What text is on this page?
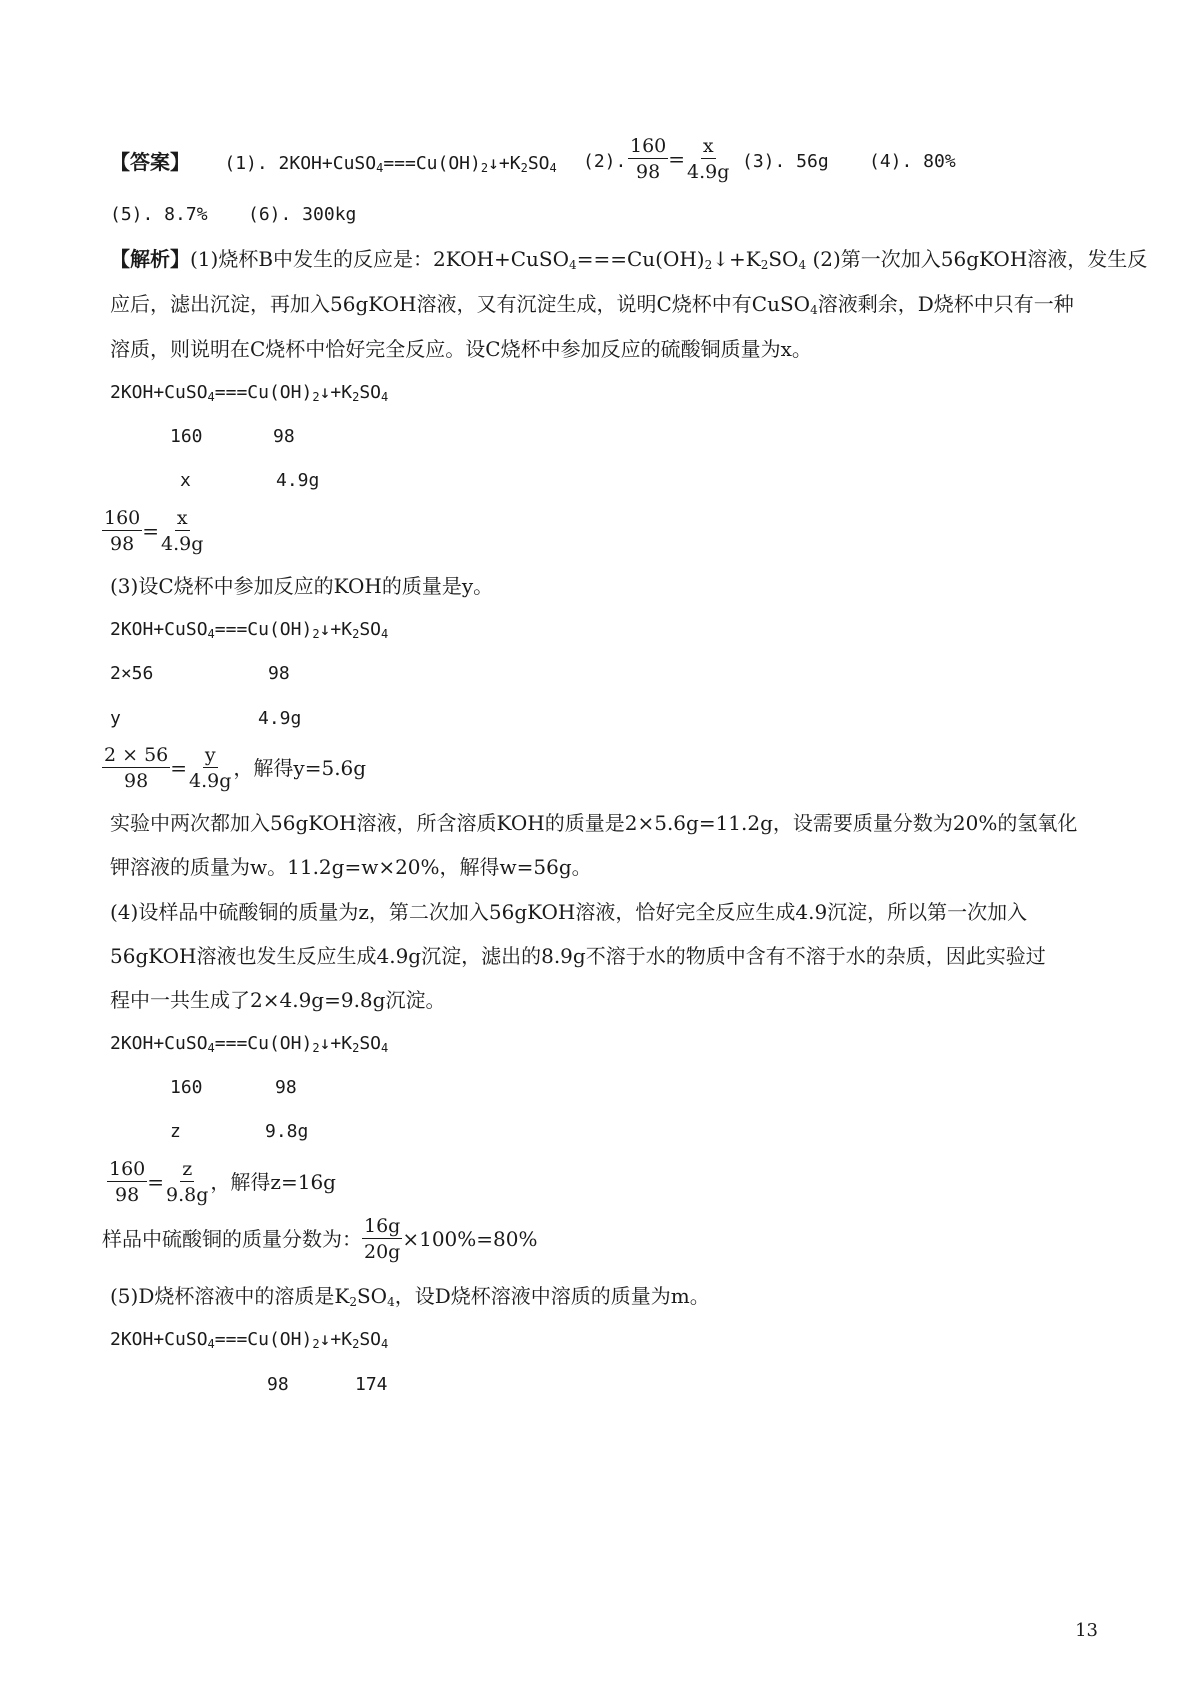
【答案】 (1). $2KOH+CuSO_4===Cu(OH)_2↓+K_2SO_4$ (2). $\frac{160}{98} = \frac{x}{4.9g} (3)$. 56g (4). 80%
(5). 8.7% (6). 300kg
【解析】(1)烧杯B中发生的反应是：$2KOH+CuSO_4===Cu(OH)_2↓+K_2SO_4$ (2)第一次加入56gKOH溶液，发生反
应后，滤出沉淀，再加入56gKOH溶液，又有沉淀生成，说明C烧杯中有CuSO$_4$溶液剩余，D烧杯中只有一种
溶质，则说明在C烧杯中恰好完全反应。设C烧杯中参加反应的硫酸铜质量为x。
$2KOH+CuSO_4===Cu(OH)_2↓+K_2SO_4$
160	98
x	4.9g
$\frac{160}{98} = \frac{x}{4.9g}$
(3)设C烧杯中参加反应的KOH的质量是y。
$2KOH+CuSO_4===Cu(OH)_2↓+K_2SO_4$
2×56	98
y	4.9g
$\frac{2 \times 56}{98} = \frac{y}{4.9g}$ ，解得y=5.6g
实验中两次都加入56gKOH溶液，所含溶质KOH的质量是2×5.6g=11.2g，设需要质量分数为20%的氢氧化
钾溶液的质量为w。11.2g=w×20%，解得w=56g。
(4)设样品中硫酸铜的质量为z，第二次加入56gKOH溶液，恰好完全反应生成4.9沉淀，所以第一次加入
56gKOH溶液也发生反应生成4.9g沉淀，滤出的8.9g不溶于水的物质中含有不溶于水的杂质，因此实验过
程中一共生成了2×4.9g=9.8g沉淀。
$2KOH+CuSO_4===Cu(OH)_2↓+K_2SO_4$
160	98
z	9.8g
$\frac{160}{98} = \frac{z}{9.8g}$ ，解得z=16g
样品中硫酸铜的质量分数为： $\frac{16g}{20g} \times 100\%=80\%$
(5)D烧杯溶液中的溶质是$K_2SO_4$，设D烧杯溶液中溶质的质量为m。
$2KOH+CuSO_4===Cu(OH)_2↓+K_2SO_4$
98	174
13
